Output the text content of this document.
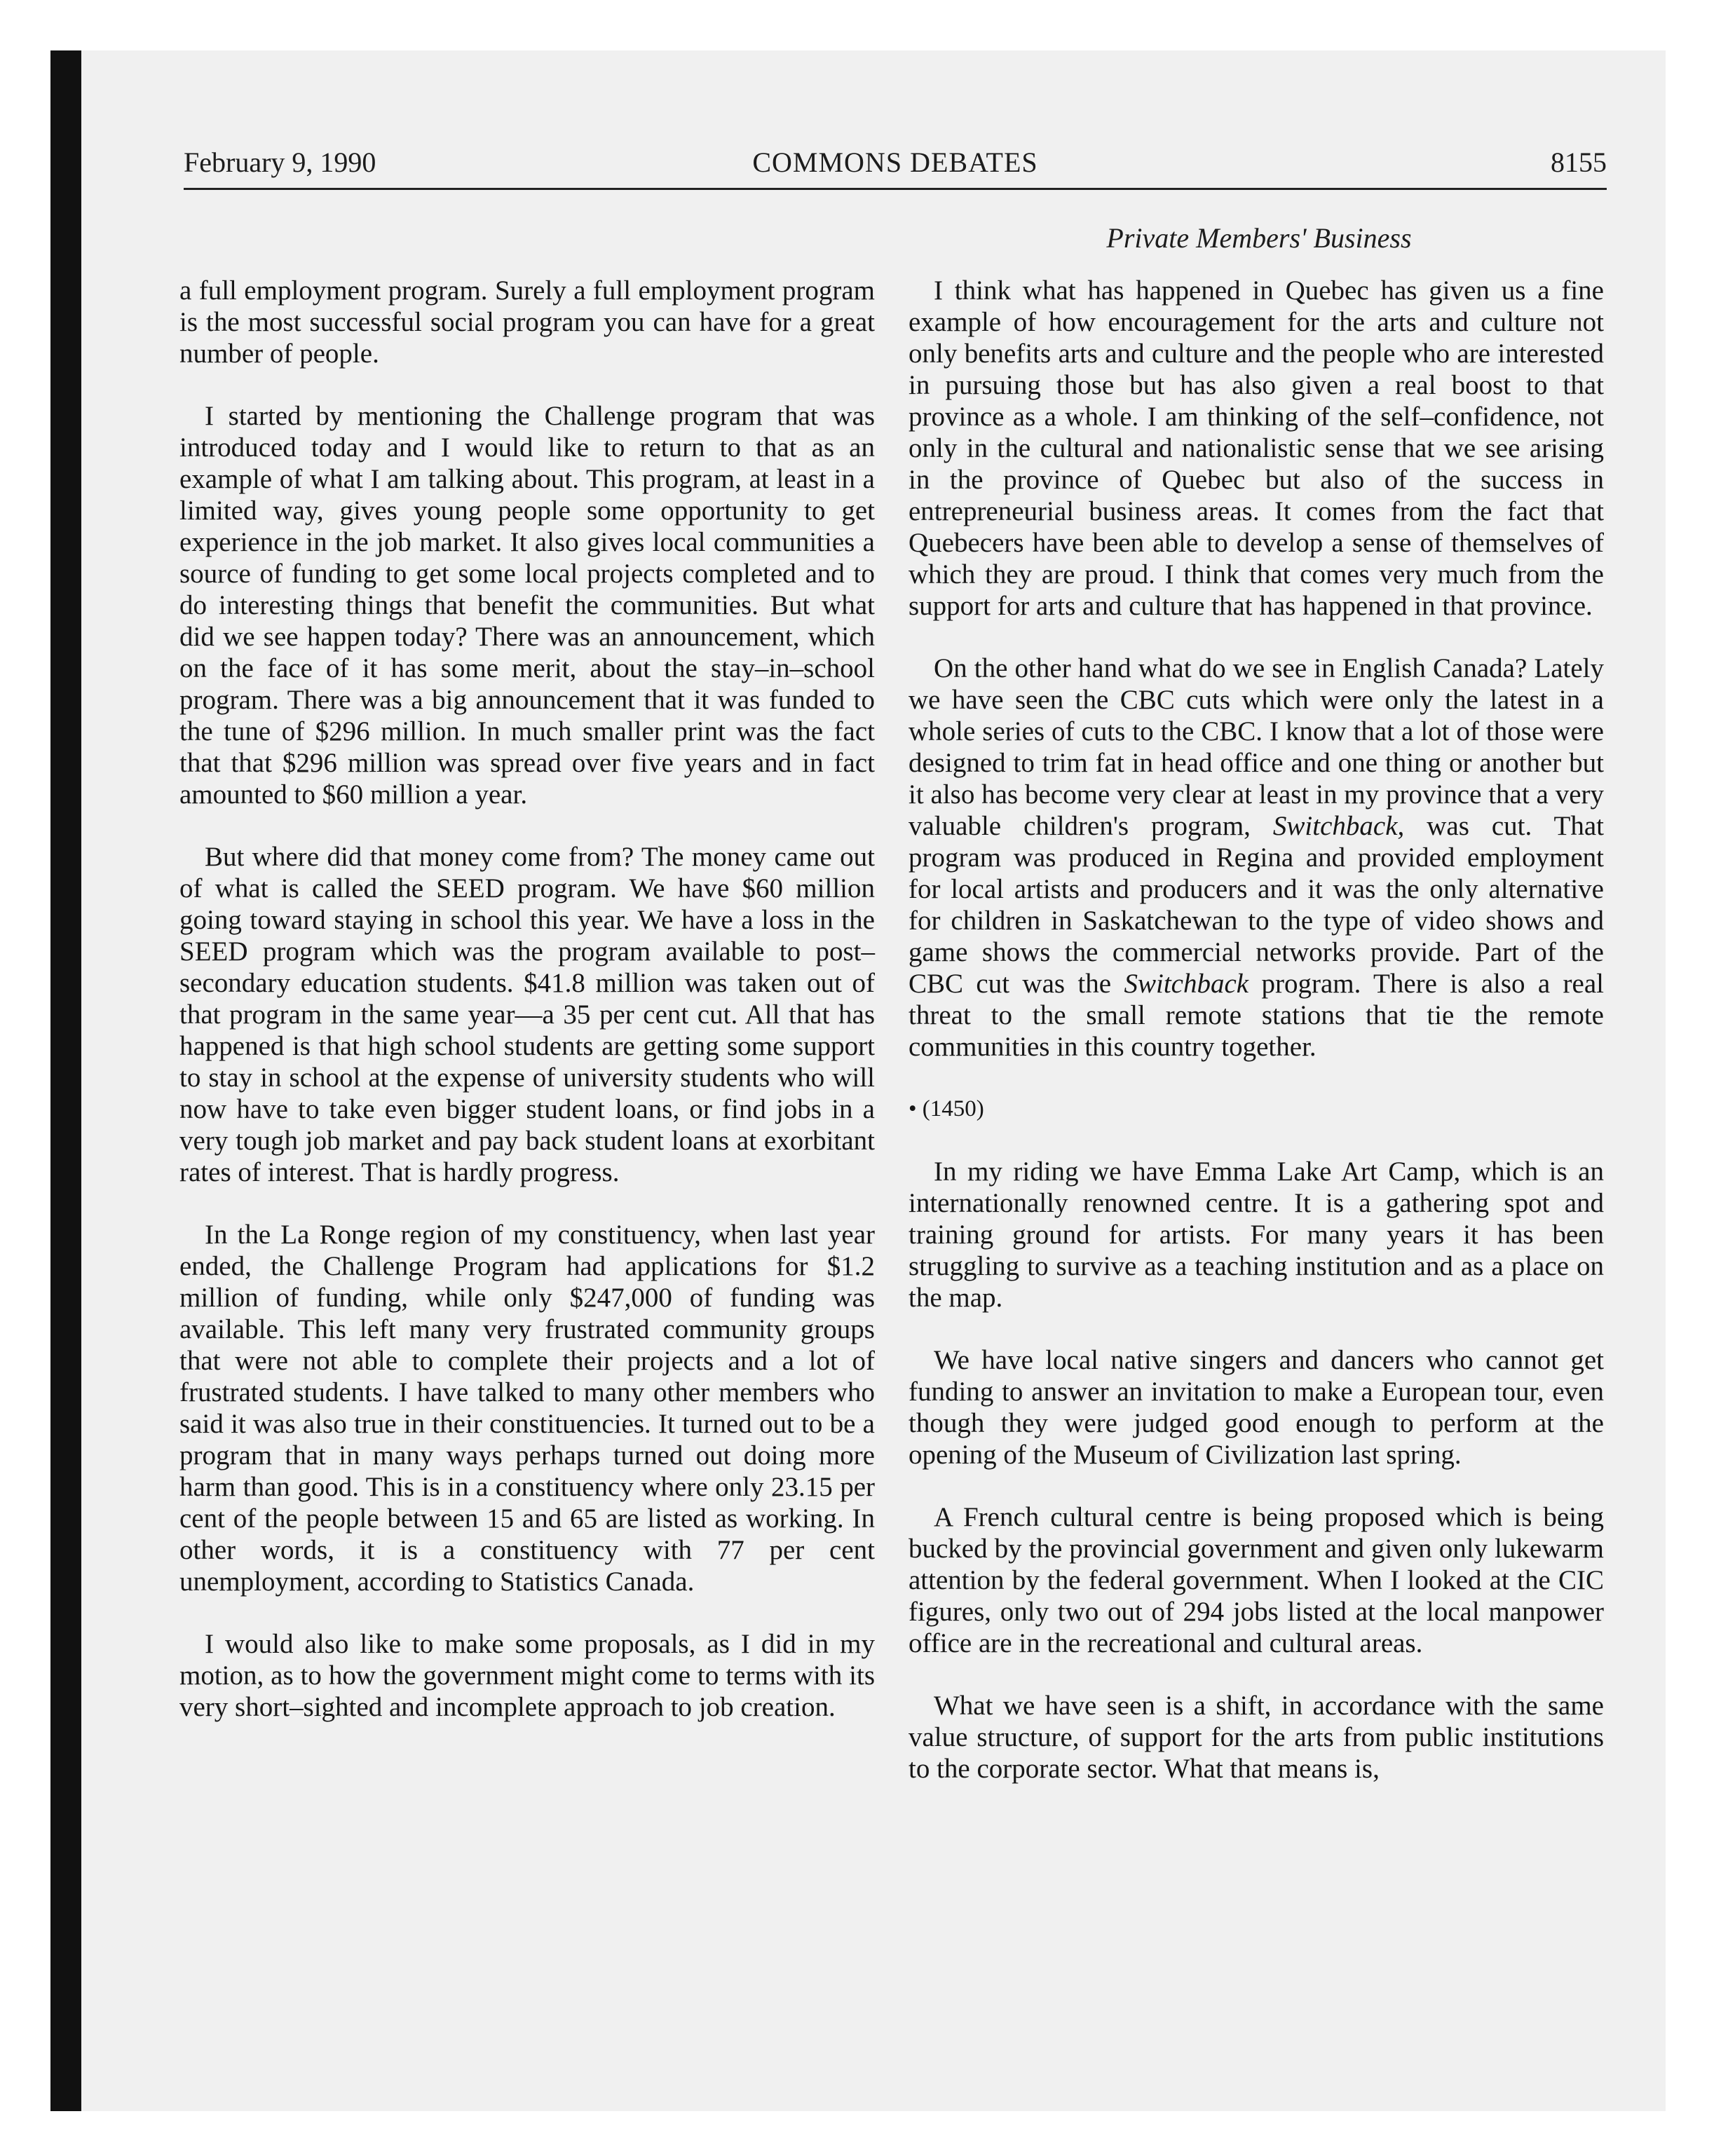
February 9, 1990	COMMONS DEBATES	8155
Private Members' Business

a full employment program. Surely a full employment program is the most successful social program you can have for a great number of people.

I started by mentioning the Challenge program that was introduced today and I would like to return to that as an example of what I am talking about. This program, at least in a limited way, gives young people some opportunity to get experience in the job market. It also gives local communities a source of funding to get some local projects completed and to do interesting things that benefit the communities. But what did we see happen today? There was an announcement, which on the face of it has some merit, about the stay–in–school program. There was a big announcement that it was funded to the tune of $296 million. In much smaller print was the fact that that $296 million was spread over five years and in fact amounted to $60 million a year.

But where did that money come from? The money came out of what is called the SEED program. We have $60 million going toward staying in school this year. We have a loss in the SEED program which was the program available to post–secondary education students. $41.8 million was taken out of that program in the same year—a 35 per cent cut. All that has happened is that high school students are getting some support to stay in school at the expense of university students who will now have to take even bigger student loans, or find jobs in a very tough job market and pay back student loans at exorbitant rates of interest. That is hardly progress.

In the La Ronge region of my constituency, when last year ended, the Challenge Program had applications for $1.2 million of funding, while only $247,000 of funding was available. This left many very frustrated community groups that were not able to complete their projects and a lot of frustrated students. I have talked to many other members who said it was also true in their constituencies. It turned out to be a program that in many ways perhaps turned out doing more harm than good. This is in a constituency where only 23.15 per cent of the people between 15 and 65 are listed as working. In other words, it is a constituency with 77 per cent unemployment, according to Statistics Canada.

I would also like to make some proposals, as I did in my motion, as to how the government might come to terms with its very short–sighted and incomplete approach to job creation.

I think what has happened in Quebec has given us a fine example of how encouragement for the arts and culture not only benefits arts and culture and the people who are interested in pursuing those but has also given a real boost to that province as a whole. I am thinking of the self–confidence, not only in the cultural and nationalistic sense that we see arising in the province of Quebec but also of the success in entrepreneurial business areas. It comes from the fact that Quebecers have been able to develop a sense of themselves of which they are proud. I think that comes very much from the support for arts and culture that has happened in that province.

On the other hand what do we see in English Canada? Lately we have seen the CBC cuts which were only the latest in a whole series of cuts to the CBC. I know that a lot of those were designed to trim fat in head office and one thing or another but it also has become very clear at least in my province that a very valuable children's program, Switchback, was cut. That program was produced in Regina and provided employment for local artists and producers and it was the only alternative for children in Saskatchewan to the type of video shows and game shows the commercial networks provide. Part of the CBC cut was the Switchback program. There is also a real threat to the small remote stations that tie the remote communities in this country together.

• (1450)

In my riding we have Emma Lake Art Camp, which is an internationally renowned centre. It is a gathering spot and training ground for artists. For many years it has been struggling to survive as a teaching institution and as a place on the map.

We have local native singers and dancers who cannot get funding to answer an invitation to make a European tour, even though they were judged good enough to perform at the opening of the Museum of Civilization last spring.

A French cultural centre is being proposed which is being bucked by the provincial government and given only lukewarm attention by the federal government. When I looked at the CIC figures, only two out of 294 jobs listed at the local manpower office are in the recreational and cultural areas.

What we have seen is a shift, in accordance with the same value structure, of support for the arts from public institutions to the corporate sector. What that means is,
